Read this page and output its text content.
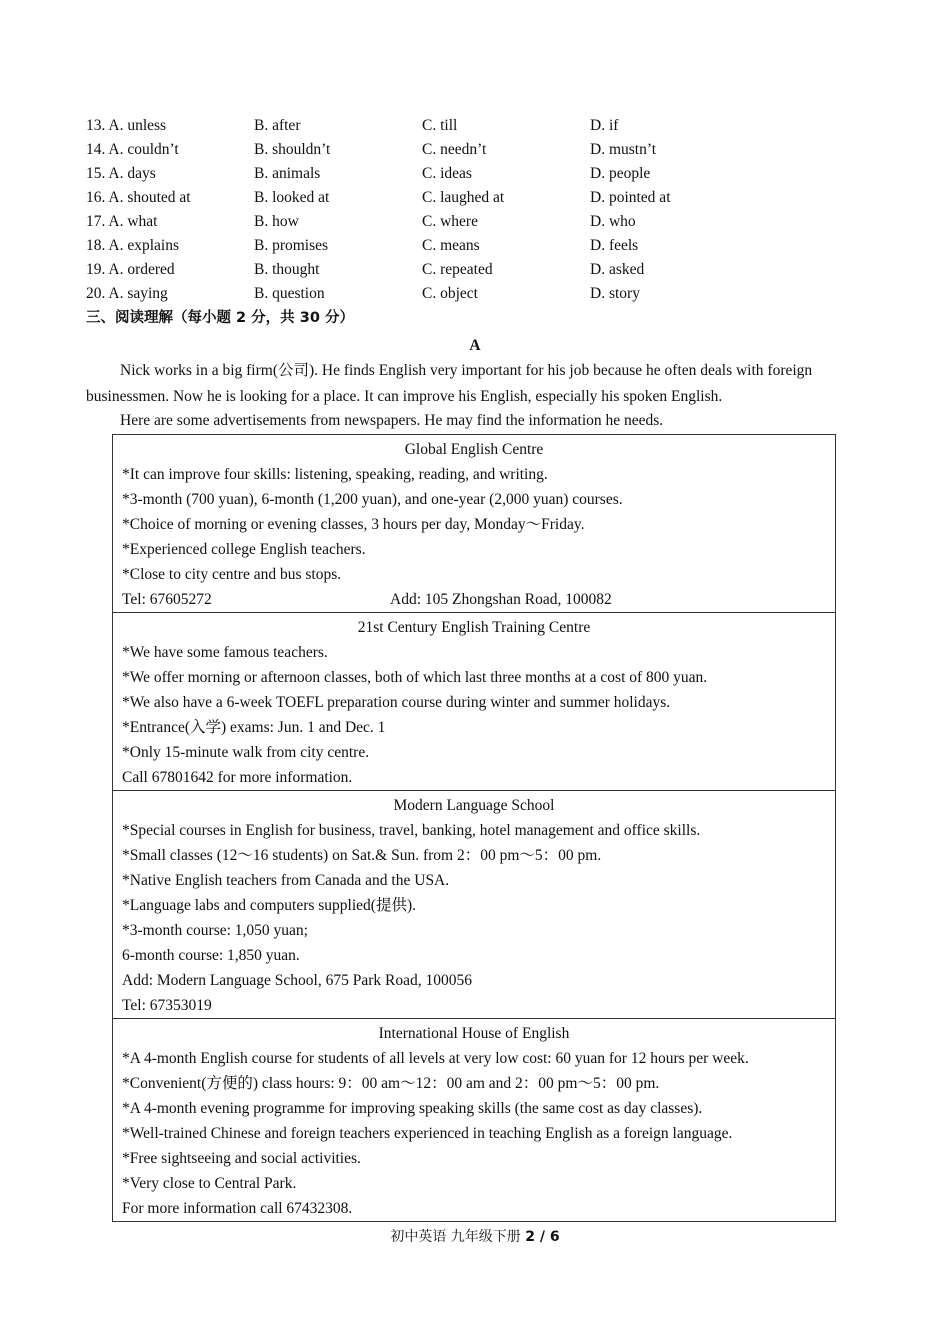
13. A. unless	B. after	C. till	D. if
14. A. couldn’t	B. shouldn’t	C. needn’t	D. mustn’t
15. A. days	B. animals	C. ideas	D. people
16. A. shouted at	B. looked at	C. laughed at	D. pointed at
17. A. what	B. how	C. where	D. who
18. A. explains	B. promises	C. means	D. feels
19. A. ordered	B. thought	C. repeated	D. asked
20. A. saying	B. question	C. object	D. story
三、阅读理解（每小题 2 分，共 30 分）
A

Nick works in a big firm(公司). He finds English very important for his job because he often deals with foreign businessmen. Now he is looking for a place. It can improve his English, especially his spoken English.

Here are some advertisements from newspapers. He may find the information he needs.

Global English Centre
*It can improve four skills: listening, speaking, reading, and writing.
*3-month (700 yuan), 6-month (1,200 yuan), and one-year (2,000 yuan) courses.
*Choice of morning or evening classes, 3 hours per day, Monday～Friday.
*Experienced college English teachers.
*Close to city centre and bus stops.
Tel: 67605272	Add: 105 Zhongshan Road, 100082

21st Century English Training Centre
*We have some famous teachers.
*We offer morning or afternoon classes, both of which last three months at a cost of 800 yuan.
*We also have a 6-week TOEFL preparation course during winter and summer holidays.
*Entrance(入学) exams: Jun. 1 and Dec. 1
*Only 15-minute walk from city centre.
Call 67801642 for more information.

Modern Language School
*Special courses in English for business, travel, banking, hotel management and office skills.
*Small classes (12～16 students) on Sat.& Sun. from 2：00 pm～5：00 pm.
*Native English teachers from Canada and the USA.
*Language labs and computers supplied(提供).
*3-month course: 1,050 yuan;
6-month course: 1,850 yuan.
Add: Modern Language School, 675 Park Road, 100056
Tel: 67353019

International House of English
*A 4-month English course for students of all levels at very low cost: 60 yuan for 12 hours per week.
*Convenient(方便的) class hours: 9：00 am～12：00 am and 2：00 pm～5：00 pm.
*A 4-month evening programme for improving speaking skills (the same cost as day classes).
*Well-trained Chinese and foreign teachers experienced in teaching English as a foreign language.
*Free sightseeing and social activities.
*Very close to Central Park.
For more information call 67432308.
初中英语 九年级下册 2 / 6
